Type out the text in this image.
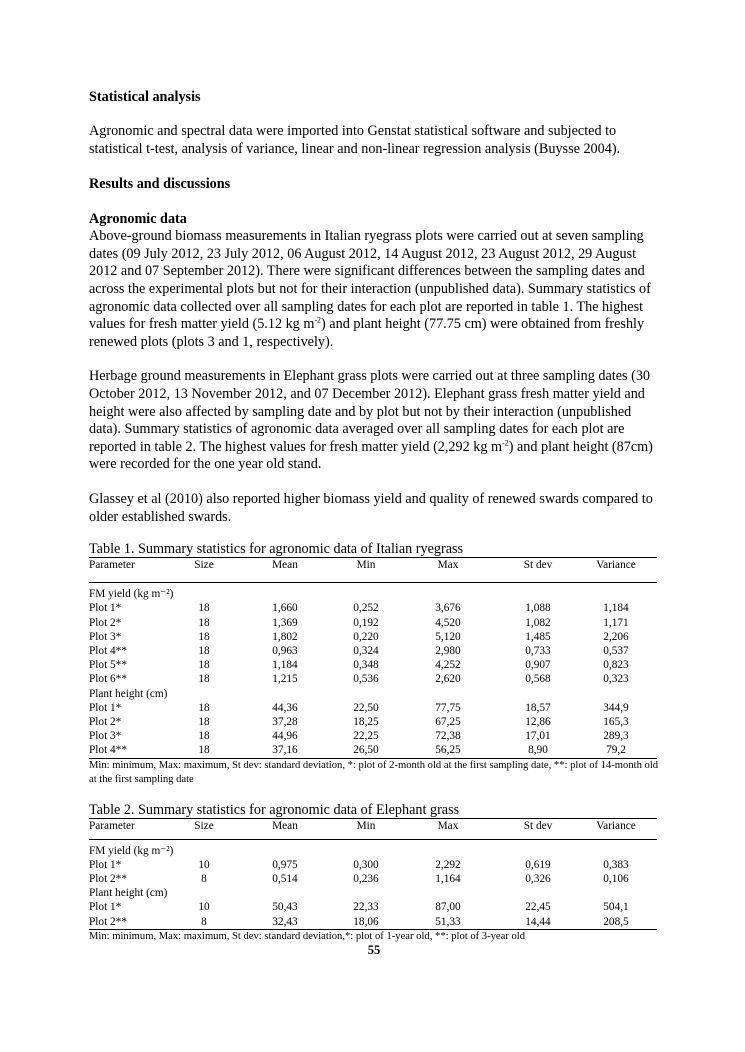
Statistical analysis

Agronomic and spectral data were imported into Genstat statistical software and subjected to statistical t-test, analysis of variance, linear and non-linear regression analysis (Buysse 2004).

Results and discussions

Agronomic data

Above-ground biomass measurements in Italian ryegrass plots were carried out at seven sampling dates (09 July 2012, 23 July 2012, 06 August 2012, 14 August 2012, 23 August 2012, 29 August 2012 and 07 September 2012). There were significant differences between the sampling dates and across the experimental plots but not for their interaction (unpublished data). Summary statistics of agronomic data collected over all sampling dates for each plot are reported in table 1. The highest values for fresh matter yield (5.12 kg $m^{-2}$) and plant height (77.75 cm) were obtained from freshly renewed plots (plots 3 and 1, respectively).

Herbage ground measurements in Elephant grass plots were carried out at three sampling dates (30 October 2012, 13 November 2012, and 07 December 2012). Elephant grass fresh matter yield and height were also affected by sampling date and by plot but not by their interaction (unpublished data). Summary statistics of agronomic data averaged over all sampling dates for each plot are reported in table 2. The highest values for fresh matter yield (2,292 kg $m^{-2}$) and plant height (87cm) were recorded for the one year old stand.

Glassey et al (2010) also reported higher biomass yield and quality of renewed swards compared to older established swards.

Table 1. Summary statistics for agronomic data of Italian ryegrass

Parameter	Size	Mean	Min	Max	St dev	Variance

FM yield (kg m⁻²)						
Plot 1*	18	1,660	0,252	3,676	1,088	1,184
Plot 2*	18	1,369	0,192	4,520	1,082	1,171
Plot 3*	18	1,802	0,220	5,120	1,485	2,206
Plot 4**	18	0,963	0,324	2,980	0,733	0,537
Plot 5**	18	1,184	0,348	4,252	0,907	0,823
Plot 6**	18	1,215	0,536	2,620	0,568	0,323
Plant height (cm)						
Plot 1*	18	44,36	22,50	77,75	18,57	344,9
Plot 2*	18	37,28	18,25	67,25	12,86	165,3
Plot 3*	18	44,96	22,25	72,38	17,01	289,3
Plot 4**	18	37,16	26,50	56,25	8,90	79,2

Min: minimum, Max: maximum, St dev: standard deviation, *: plot of 2-month old at the first sampling date, **: plot of 14-month old at the first sampling date

Table 2. Summary statistics for agronomic data of Elephant grass

Parameter	Size	Mean	Min	Max	St dev	Variance

FM yield (kg m⁻²)						
Plot 1*	10	0,975	0,300	2,292	0,619	0,383
Plot 2**	8	0,514	0,236	1,164	0,326	0,106
Plant height (cm)						
Plot 1*	10	50,43	22,33	87,00	22,45	504,1
Plot 2**	8	32,43	18,06	51,33	14,44	208,5

Min: minimum, Max: maximum, St dev: standard deviation,*: plot of 1-year old, **: plot of 3-year old

55
